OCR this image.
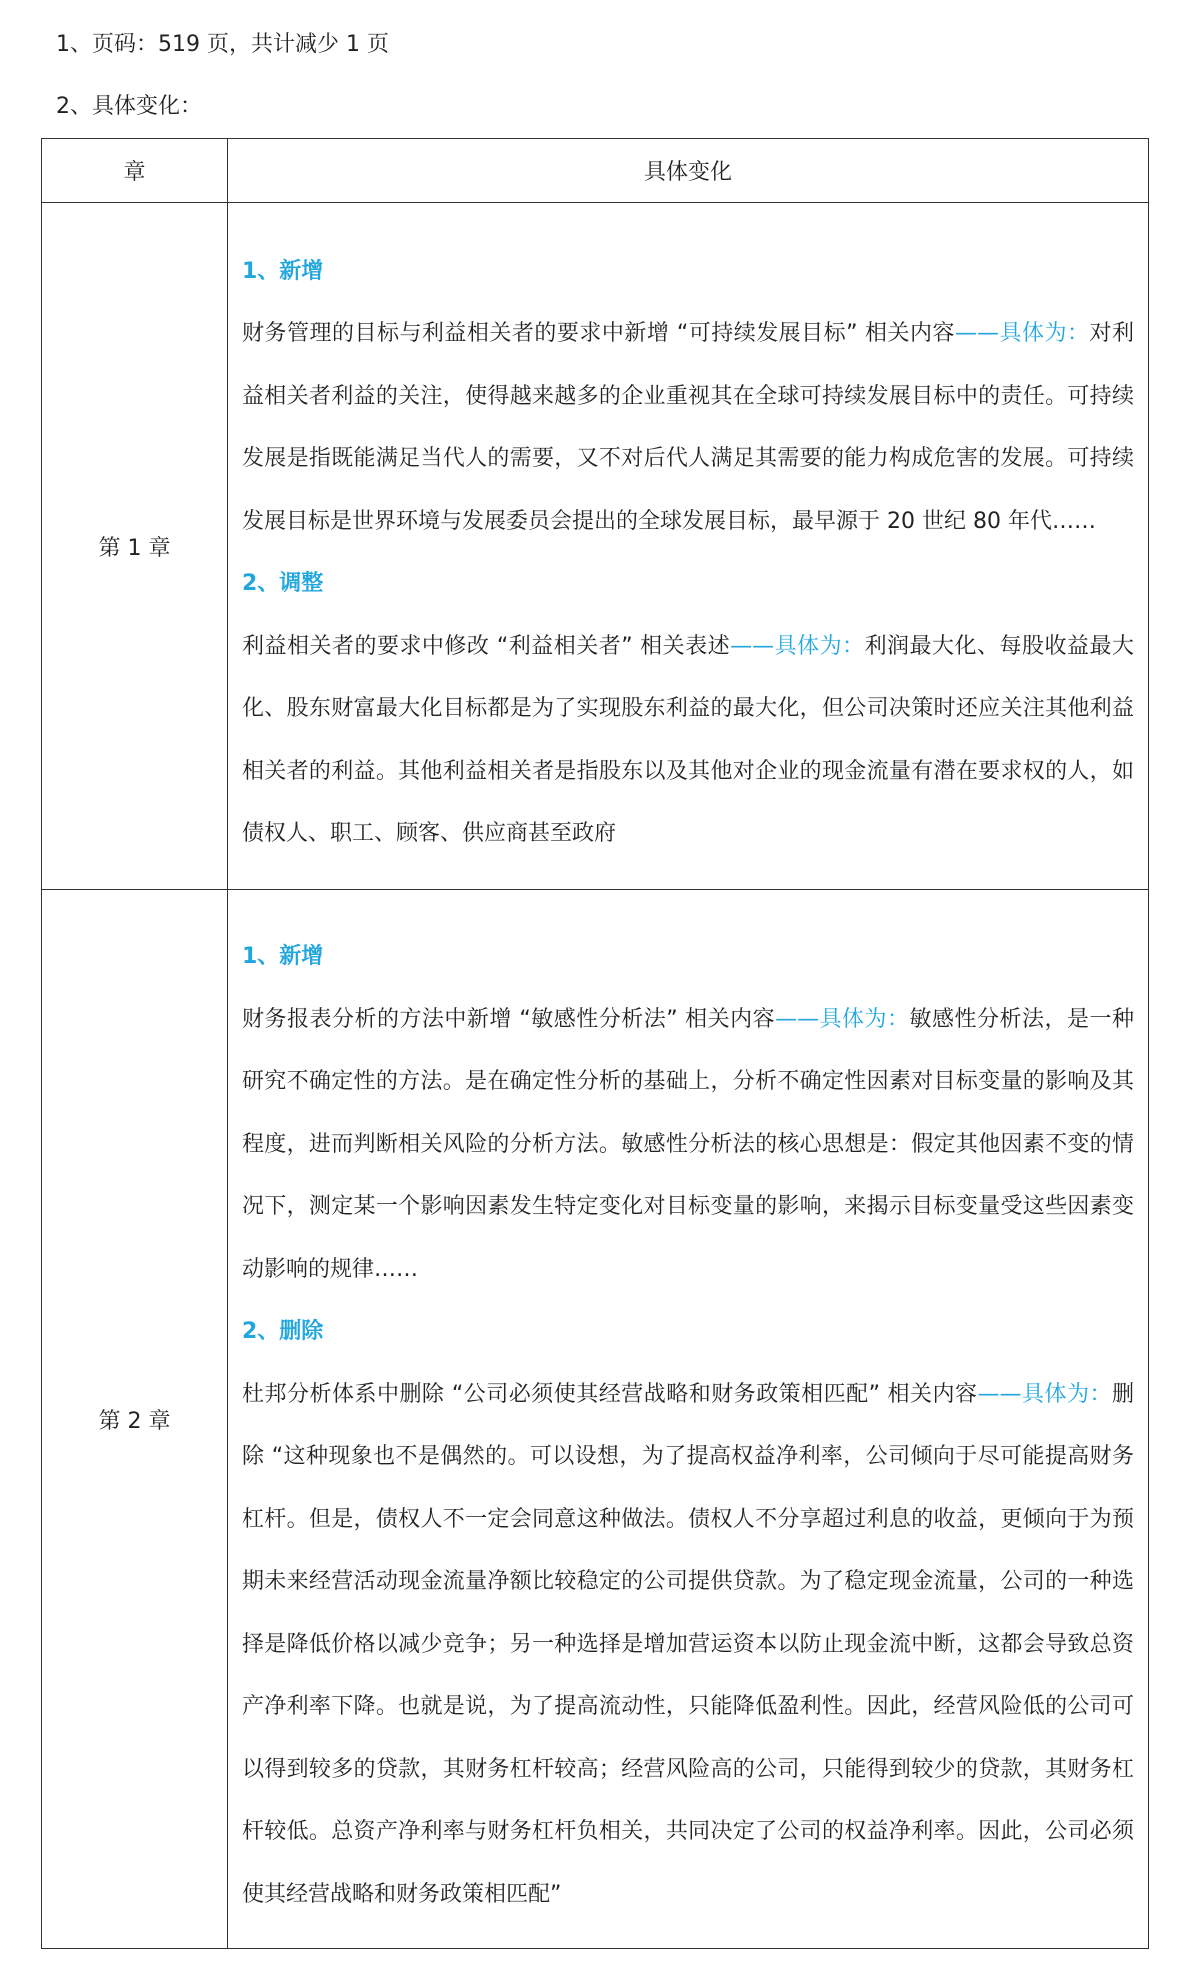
1、页码：519 页，共计减少 1 页
2、具体变化：
章	具体变化
第 1 章	1、新增

财务管理的目标与利益相关者的要求中新增 “可持续发展目标” 相关内容——具体为：对利益相关者利益的关注，使得越来越多的企业重视其在全球可持续发展目标中的责任。可持续发展是指既能满足当代人的需要，又不对后代人满足其需要的能力构成危害的发展。可持续发展目标是世界环境与发展委员会提出的全球发展目标，最早源于 20 世纪 80 年代……

2、调整

利益相关者的要求中修改 “利益相关者” 相关表述——具体为：利润最大化、每股收益最大化、股东财富最大化目标都是为了实现股东利益的最大化，但公司决策时还应关注其他利益相关者的利益。其他利益相关者是指股东以及其他对企业的现金流量有潜在要求权的人，如债权人、职工、顾客、供应商甚至政府

第 2 章	1、新增

财务报表分析的方法中新增 “敏感性分析法” 相关内容——具体为：敏感性分析法，是一种研究不确定性的方法。是在确定性分析的基础上，分析不确定性因素对目标变量的影响及其程度，进而判断相关风险的分析方法。敏感性分析法的核心思想是：假定其他因素不变的情况下，测定某一个影响因素发生特定变化对目标变量的影响，来揭示目标变量受这些因素变动影响的规律……

2、删除

杜邦分析体系中删除 “公司必须使其经营战略和财务政策相匹配” 相关内容——具体为：删除 “这种现象也不是偶然的。可以设想，为了提高权益净利率，公司倾向于尽可能提高财务杠杆。但是，债权人不一定会同意这种做法。债权人不分享超过利息的收益，更倾向于为预期未来经营活动现金流量净额比较稳定的公司提供贷款。为了稳定现金流量，公司的一种选择是降低价格以减少竞争；另一种选择是增加营运资本以防止现金流中断，这都会导致总资产净利率下降。也就是说，为了提高流动性，只能降低盈利性。因此，经营风险低的公司可以得到较多的贷款，其财务杠杆较高；经营风险高的公司，只能得到较少的贷款，其财务杠杆较低。总资产净利率与财务杠杆负相关，共同决定了公司的权益净利率。因此，公司必须使其经营战略和财务政策相匹配”
